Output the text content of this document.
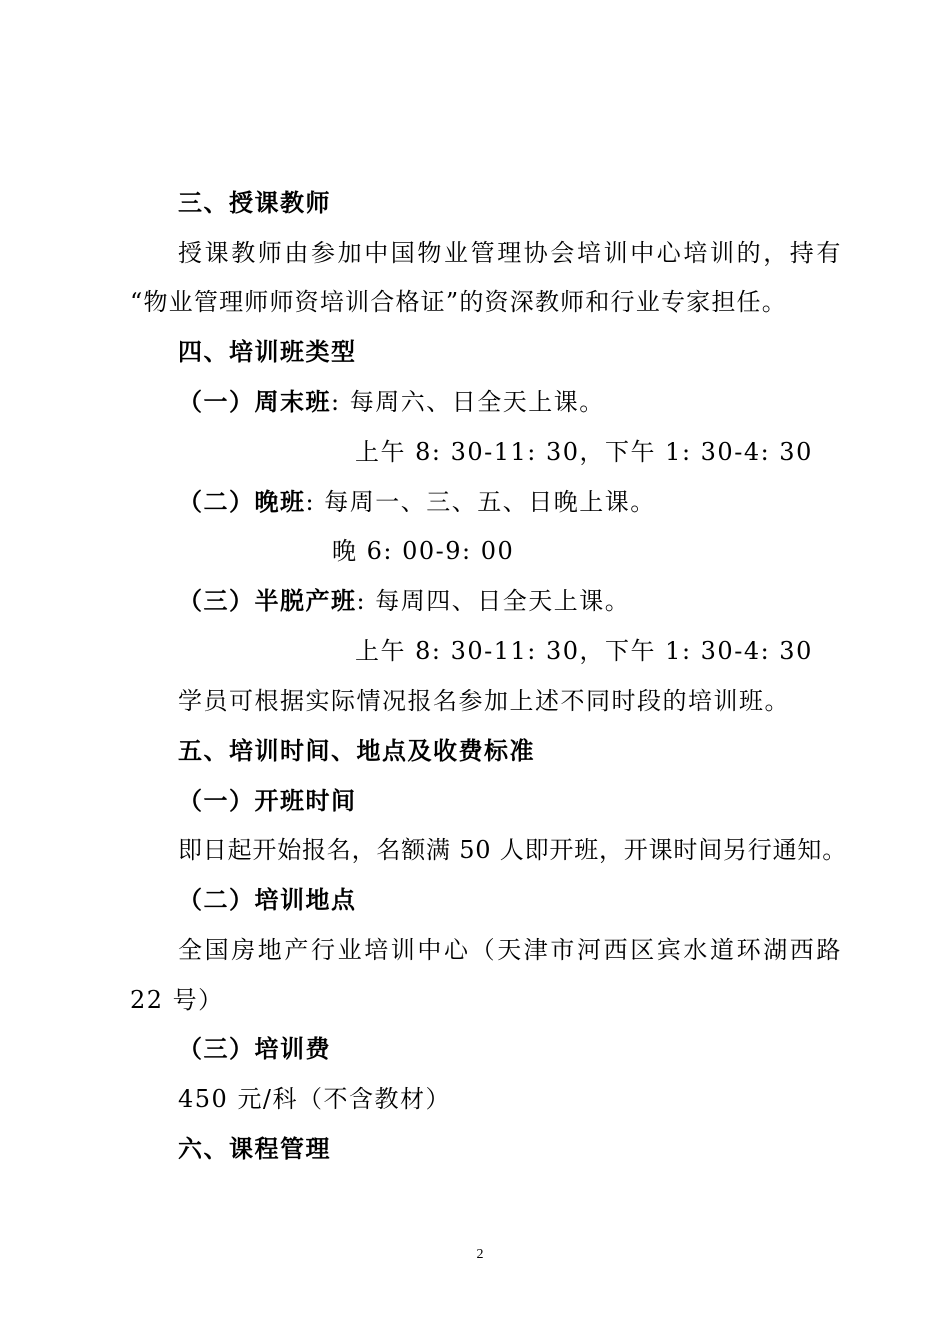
三、授课教师
授课教师由参加中国物业管理协会培训中心培训的，持有
“物业管理师师资培训合格证”的资深教师和行业专家担任。
四、培训班类型
（一）周末班: 每周六、日全天上课。
上午 8: 30-11: 30，下午 1: 30-4: 30
（二）晚班: 每周一、三、五、日晚上课。
晚 6: 00-9: 00
（三）半脱产班: 每周四、日全天上课。
上午 8: 30-11: 30，下午 1: 30-4: 30
学员可根据实际情况报名参加上述不同时段的培训班。
五、培训时间、地点及收费标准
（一）开班时间
即日起开始报名，名额满 50 人即开班，开课时间另行通知。
（二）培训地点
全国房地产行业培训中心（天津市河西区宾水道环湖西路
22 号）
（三）培训费
450 元/科（不含教材）
六、课程管理
2
